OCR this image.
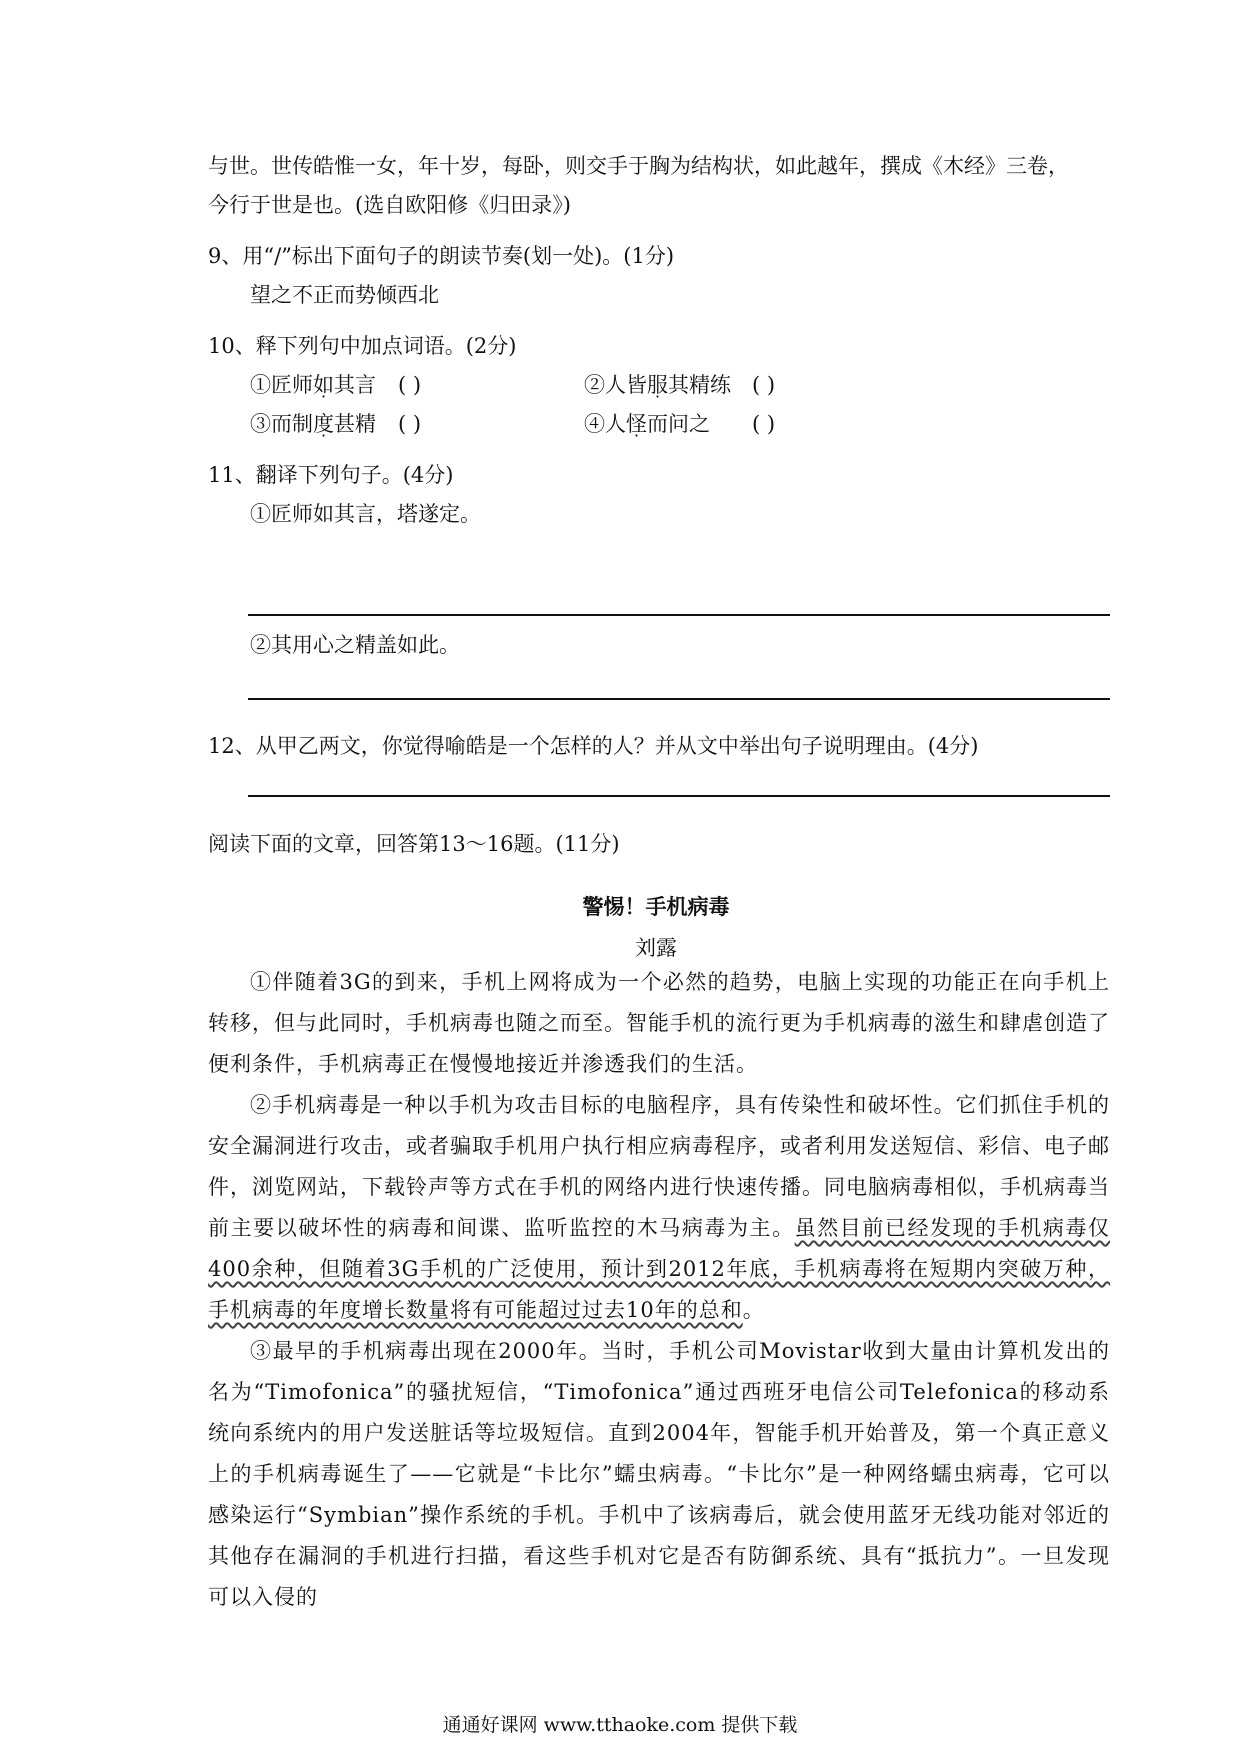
与世。世传皓惟一女，年十岁，每卧，则交手于胸为结构状，如此越年，撰成《木经》三卷，
今行于世是也。(选自欧阳修《归田录》)
9、用“/”标出下面句子的朗读节奏(划一处)。(1分)
望之不正而势倾西北
10、释下列句中加点词语。(2分)
①匠师如其言 ( )	②人皆服其精练 ( )
③而制度甚精 ( )	④人怪而问之 ( )
11、翻译下列句子。(4分)
①匠师如其言，塔遂定。
②其用心之精盖如此。
12、从甲乙两文，你觉得喻皓是一个怎样的人？并从文中举出句子说明理由。(4分)
阅读下面的文章，回答第13～16题。(11分)
警惕！手机病毒
刘露
①伴随着3G的到来，手机上网将成为一个必然的趋势，电脑上实现的功能正在向手机上转移，但与此同时，手机病毒也随之而至。智能手机的流行更为手机病毒的滋生和肆虐创造了便利条件，手机病毒正在慢慢地接近并渗透我们的生活。
②手机病毒是一种以手机为攻击目标的电脑程序，具有传染性和破坏性。它们抓住手机的安全漏洞进行攻击，或者骗取手机用户执行相应病毒程序，或者利用发送短信、彩信、电子邮件，浏览网站，下载铃声等方式在手机的网络内进行快速传播。同电脑病毒相似，手机病毒当前主要以破坏性的病毒和间谍、监听监控的木马病毒为主。虽然目前已经发现的手机病毒仅400余种，但随着3G手机的广泛使用，预计到2012年底，手机病毒将在短期内突破万种，手机病毒的年度增长数量将有可能超过过去10年的总和。
③最早的手机病毒出现在2000年。当时，手机公司Movistar收到大量由计算机发出的名为“Timofonica”的骚扰短信，“Timofonica”通过西班牙电信公司Telefonica的移动系统向系统内的用户发送脏话等垃圾短信。直到2004年，智能手机开始普及，第一个真正意义上的手机病毒诞生了——它就是“卡比尔”蠕虫病毒。“卡比尔”是一种网络蠕虫病毒，它可以感染运行“Symbian”操作系统的手机。手机中了该病毒后，就会使用蓝牙无线功能对邻近的其他存在漏洞的手机进行扫描，看这些手机对它是否有防御系统、具有“抵抗力”。一旦发现可以入侵的
通通好课网 www.tthaoke.com 提供下载
